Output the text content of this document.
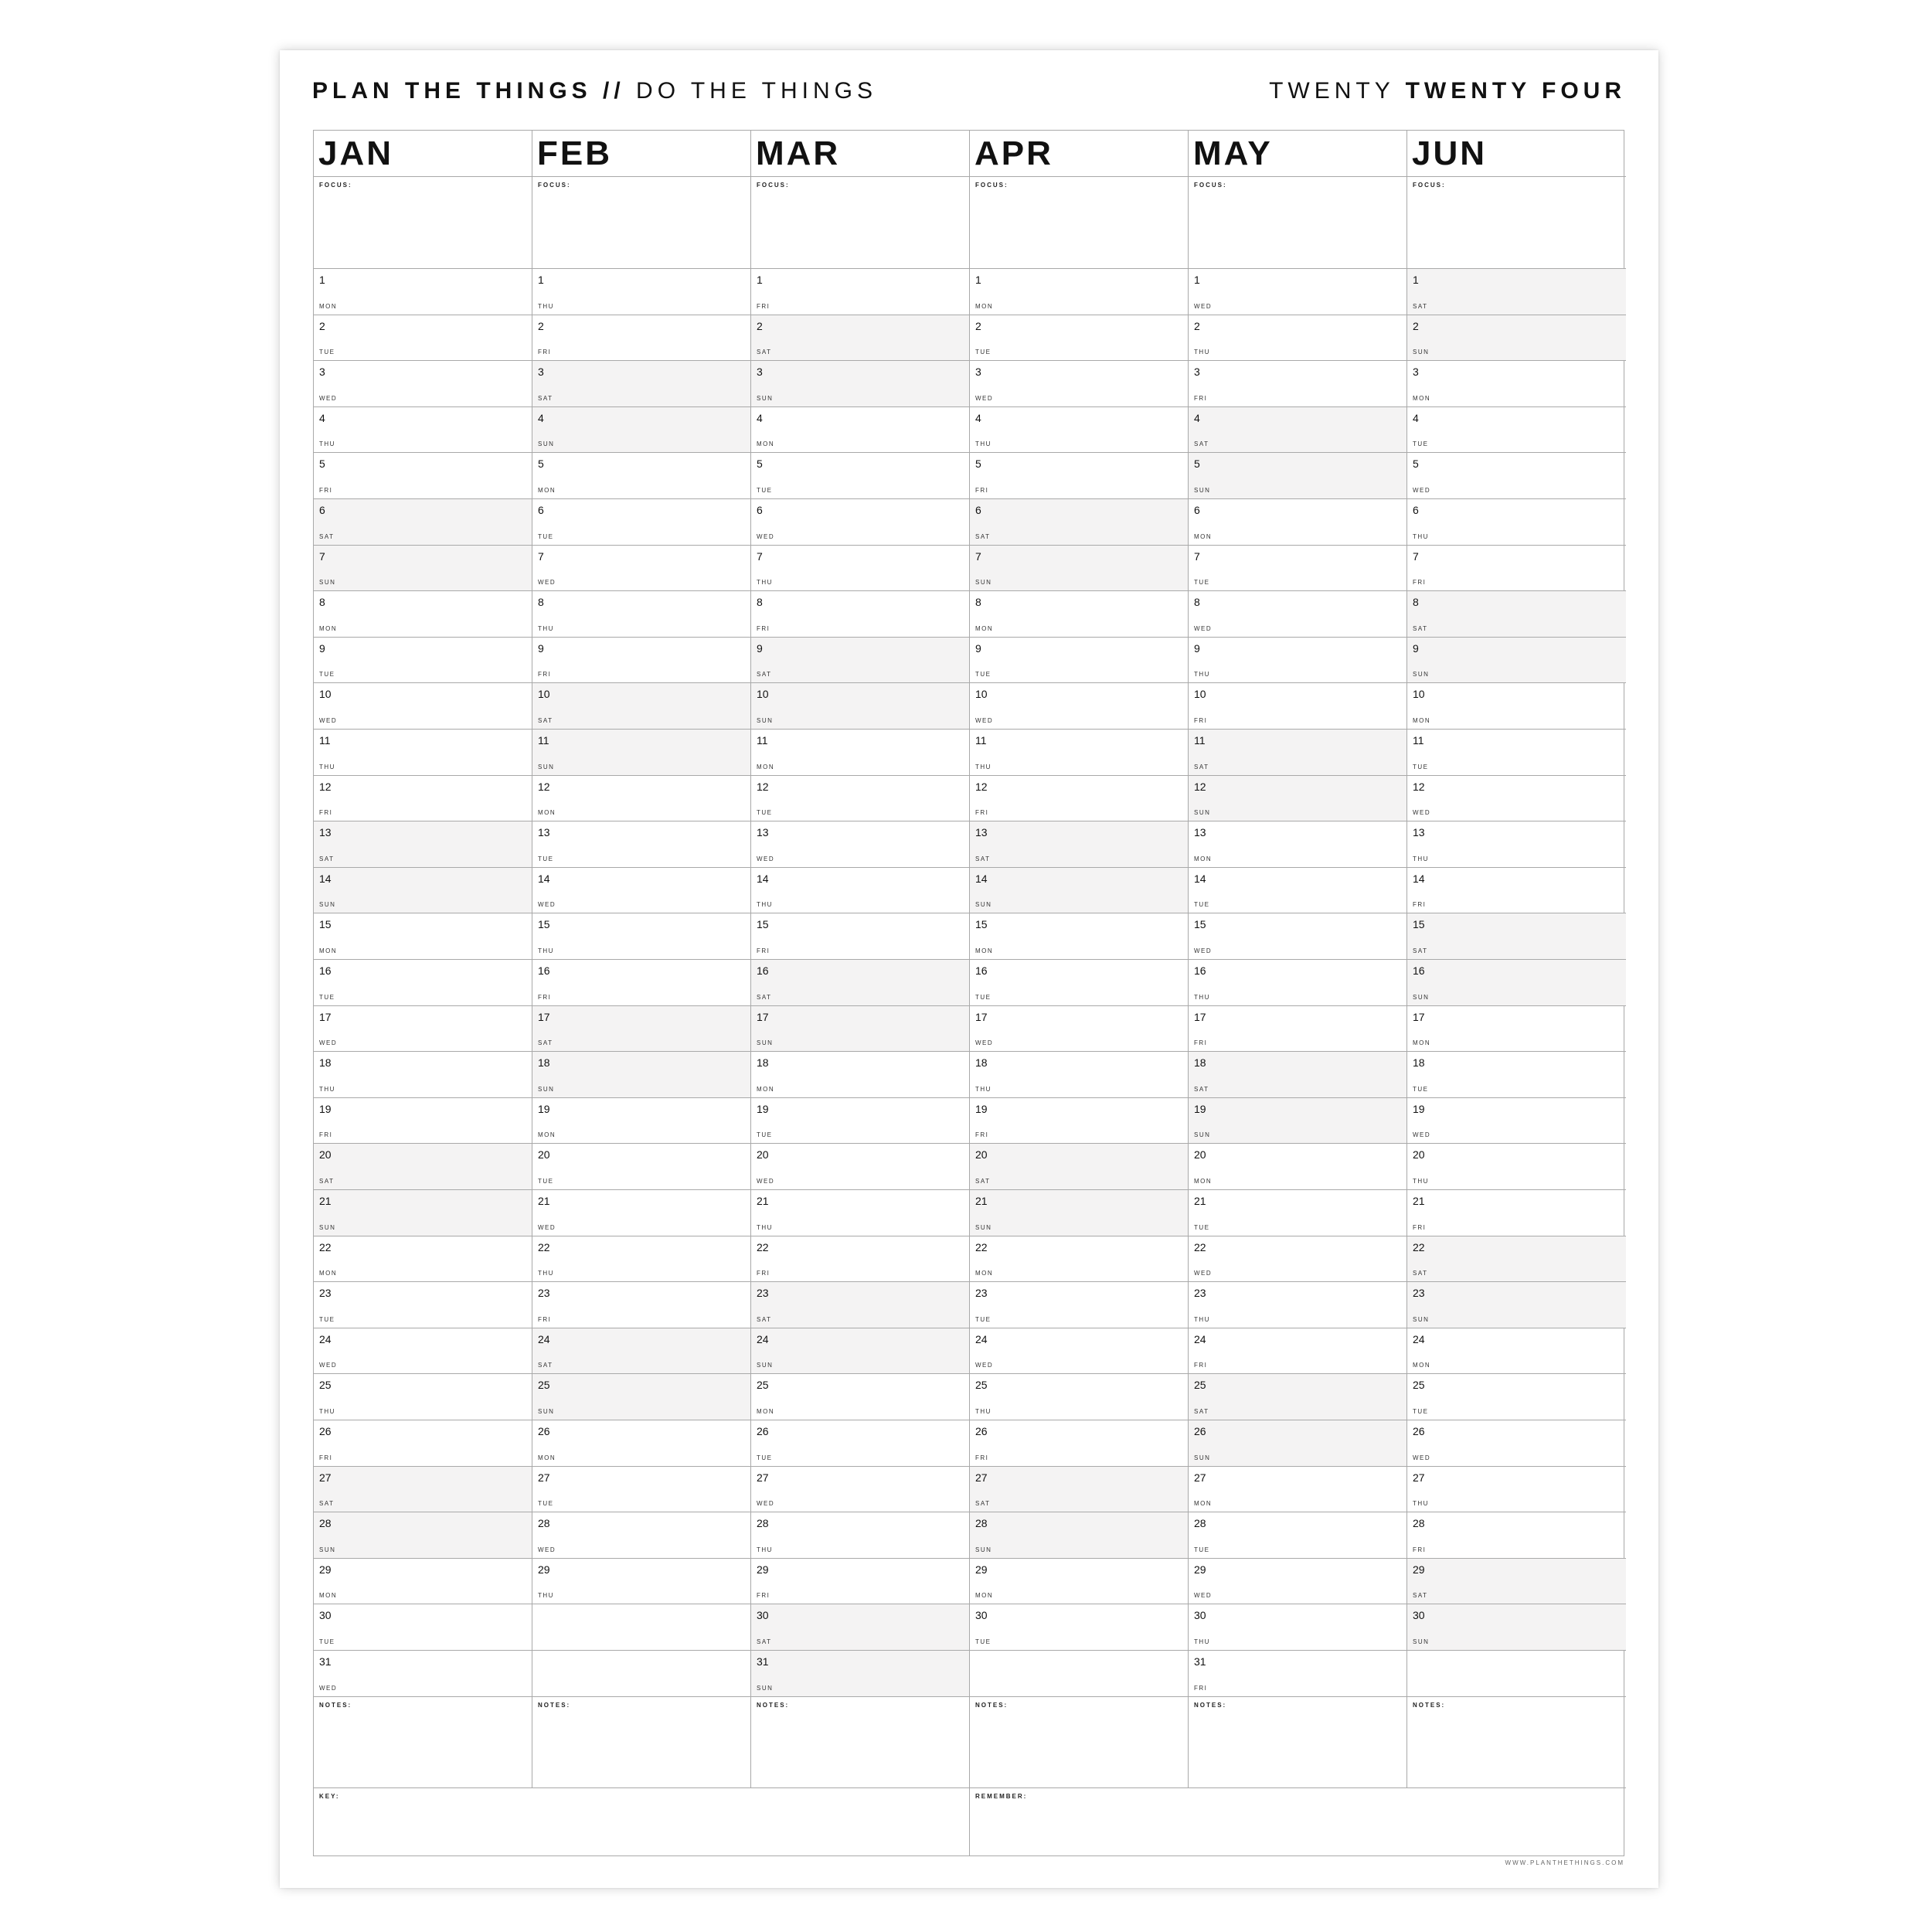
PLAN THE THINGS // DO THE THINGS	TWENTY TWENTY FOUR
JAN
FOCUS:
1
MON
2
TUE
3
WED
4
THU
5
FRI
6
SAT
7
SUN
8
MON
9
TUE
10
WED
11
THU
12
FRI
13
SAT
14
SUN
15
MON
16
TUE
17
WED
18
THU
19
FRI
20
SAT
21
SUN
22
MON
23
TUE
24
WED
25
THU
26
FRI
27
SAT
28
SUN
29
MON
30
TUE
31
WED
NOTES:
FEB
FOCUS:
1
THU
2
FRI
3
SAT
4
SUN
5
MON
6
TUE
7
WED
8
THU
9
FRI
10
SAT
11
SUN
12
MON
13
TUE
14
WED
15
THU
16
FRI
17
SAT
18
SUN
19
MON
20
TUE
21
WED
22
THU
23
FRI
24
SAT
25
SUN
26
MON
27
TUE
28
WED
29
THU
NOTES:
MAR
FOCUS:
1
FRI
2
SAT
3
SUN
4
MON
5
TUE
6
WED
7
THU
8
FRI
9
SAT
10
SUN
11
MON
12
TUE
13
WED
14
THU
15
FRI
16
SAT
17
SUN
18
MON
19
TUE
20
WED
21
THU
22
FRI
23
SAT
24
SUN
25
MON
26
TUE
27
WED
28
THU
29
FRI
30
SAT
31
SUN
NOTES:
APR
FOCUS:
1
MON
2
TUE
3
WED
4
THU
5
FRI
6
SAT
7
SUN
8
MON
9
TUE
10
WED
11
THU
12
FRI
13
SAT
14
SUN
15
MON
16
TUE
17
WED
18
THU
19
FRI
20
SAT
21
SUN
22
MON
23
TUE
24
WED
25
THU
26
FRI
27
SAT
28
SUN
29
MON
30
TUE
NOTES:
MAY
FOCUS:
1
WED
2
THU
3
FRI
4
SAT
5
SUN
6
MON
7
TUE
8
WED
9
THU
10
FRI
11
SAT
12
SUN
13
MON
14
TUE
15
WED
16
THU
17
FRI
18
SAT
19
SUN
20
MON
21
TUE
22
WED
23
THU
24
FRI
25
SAT
26
SUN
27
MON
28
TUE
29
WED
30
THU
31
FRI
NOTES:
JUN
FOCUS:
1
SAT
2
SUN
3
MON
4
TUE
5
WED
6
THU
7
FRI
8
SAT
9
SUN
10
MON
11
TUE
12
WED
13
THU
14
FRI
15
SAT
16
SUN
17
MON
18
TUE
19
WED
20
THU
21
FRI
22
SAT
23
SUN
24
MON
25
TUE
26
WED
27
THU
28
FRI
29
SAT
30
SUN
NOTES:
KEY:	REMEMBER:
WWW.PLANTHETHINGS.COM
